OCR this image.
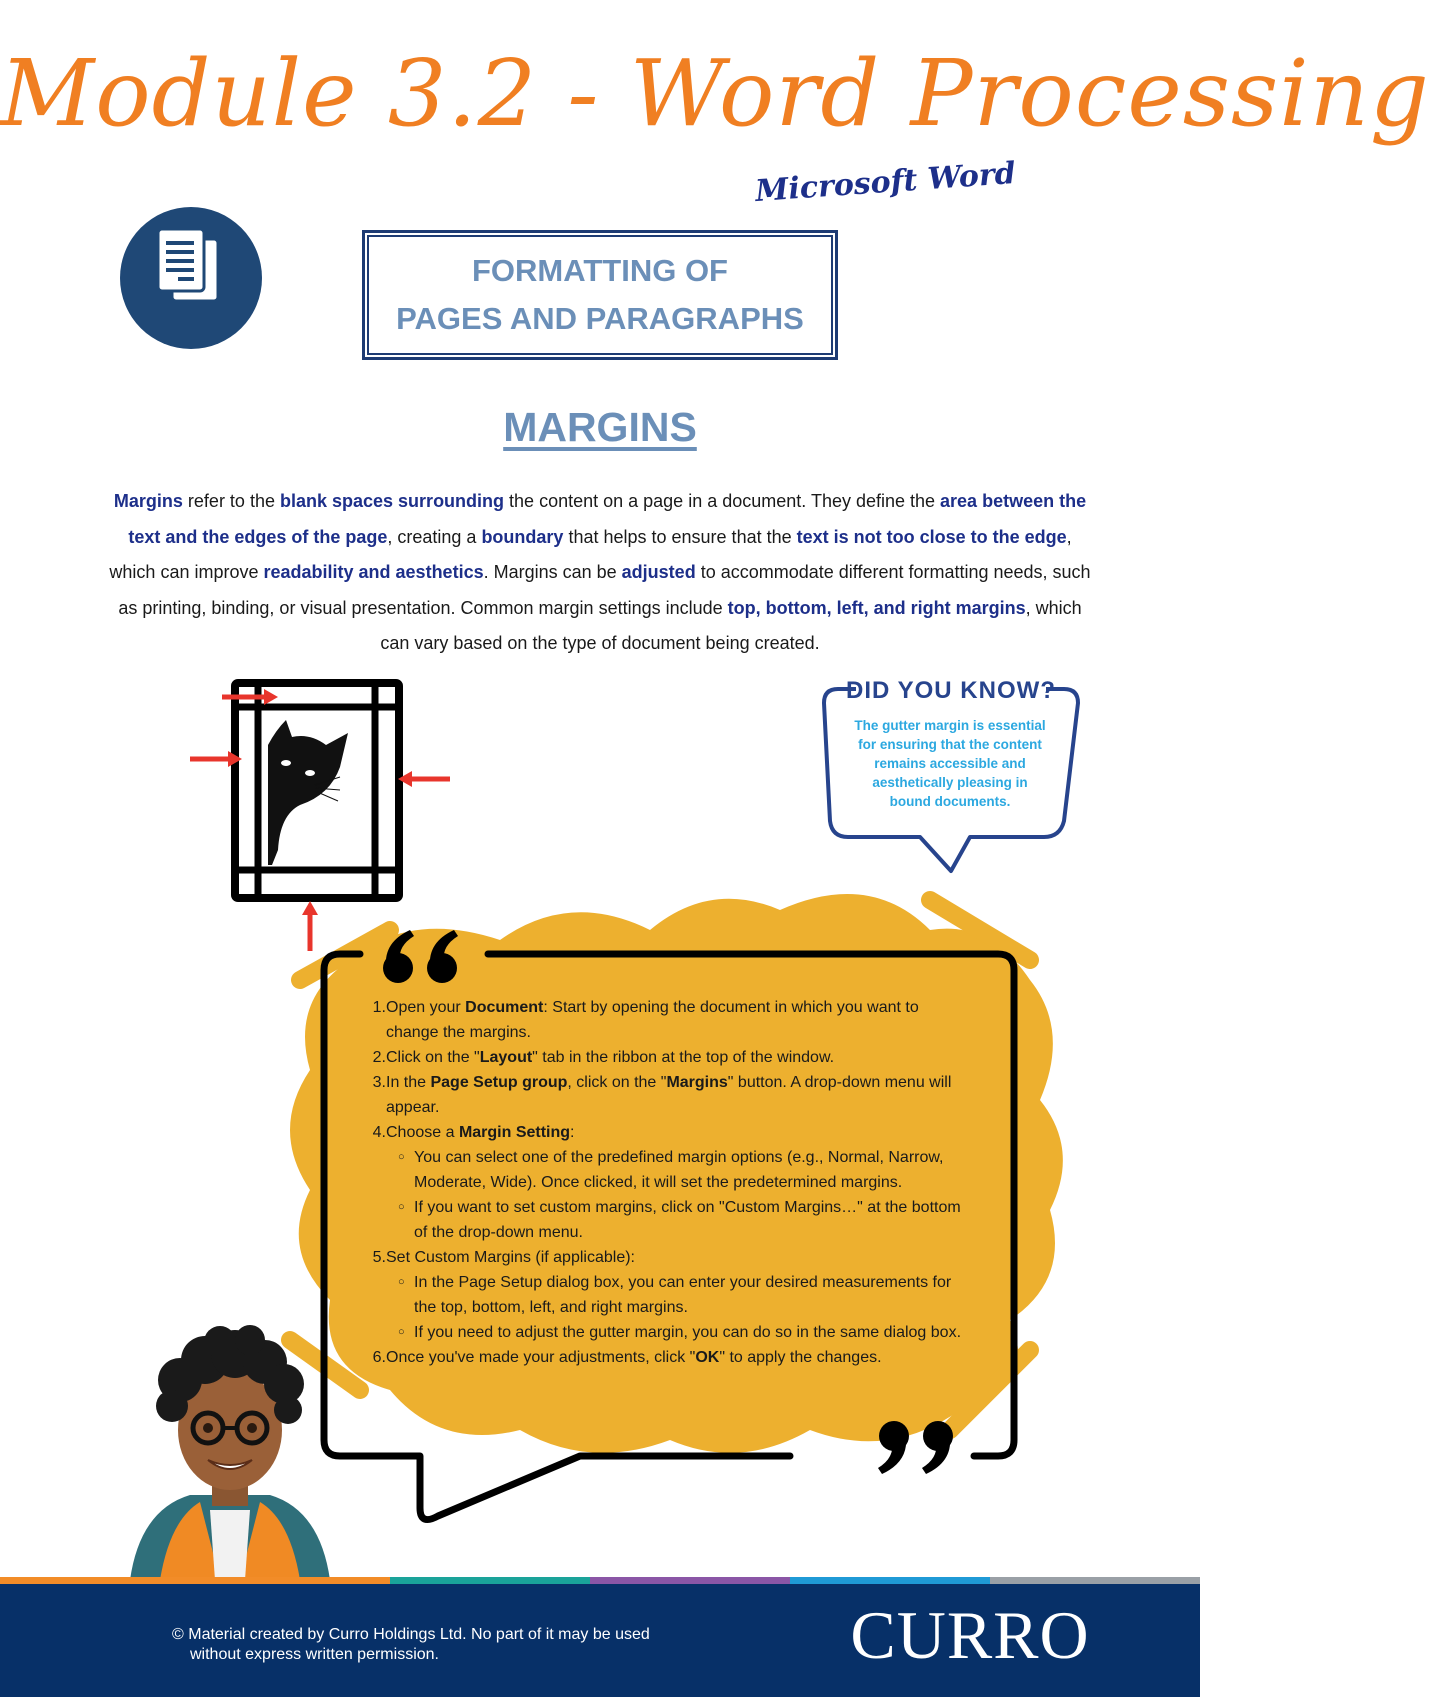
Module 3.2 - Word Processing
Microsoft Word
FORMATTING OF
PAGES AND PARAGRAPHS
MARGINS
Margins refer to the blank spaces surrounding the content on a page in a document. They define the area between the text and the edges of the page, creating a boundary that helps to ensure that the text is not too close to the edge, which can improve readability and aesthetics. Margins can be adjusted to accommodate different formatting needs, such as printing, binding, or visual presentation. Common margin settings include top, bottom, left, and right margins, which can vary based on the type of document being created.
DID YOU KNOW?
The gutter margin is essential for ensuring that the content remains accessible and aesthetically pleasing in bound documents.
1. Open your Document: Start by opening the document in which you want to change the margins.
2. Click on the "Layout" tab in the ribbon at the top of the window.
3. In the Page Setup group, click on the "Margins" button. A drop-down menu will appear.
4. Choose a Margin Setting:
○ You can select one of the predefined margin options (e.g., Normal, Narrow, Moderate, Wide). Once clicked, it will set the predetermined margins.
○ If you want to set custom margins, click on "Custom Margins…" at the bottom of the drop-down menu.
5. Set Custom Margins (if applicable):
○ In the Page Setup dialog box, you can enter your desired measurements for the top, bottom, left, and right margins.
○ If you need to adjust the gutter margin, you can do so in the same dialog box.
6. Once you've made your adjustments, click "OK" to apply the changes.
© Material created by Curro Holdings Ltd. No part of it may be used
without express written permission.	CURRO
